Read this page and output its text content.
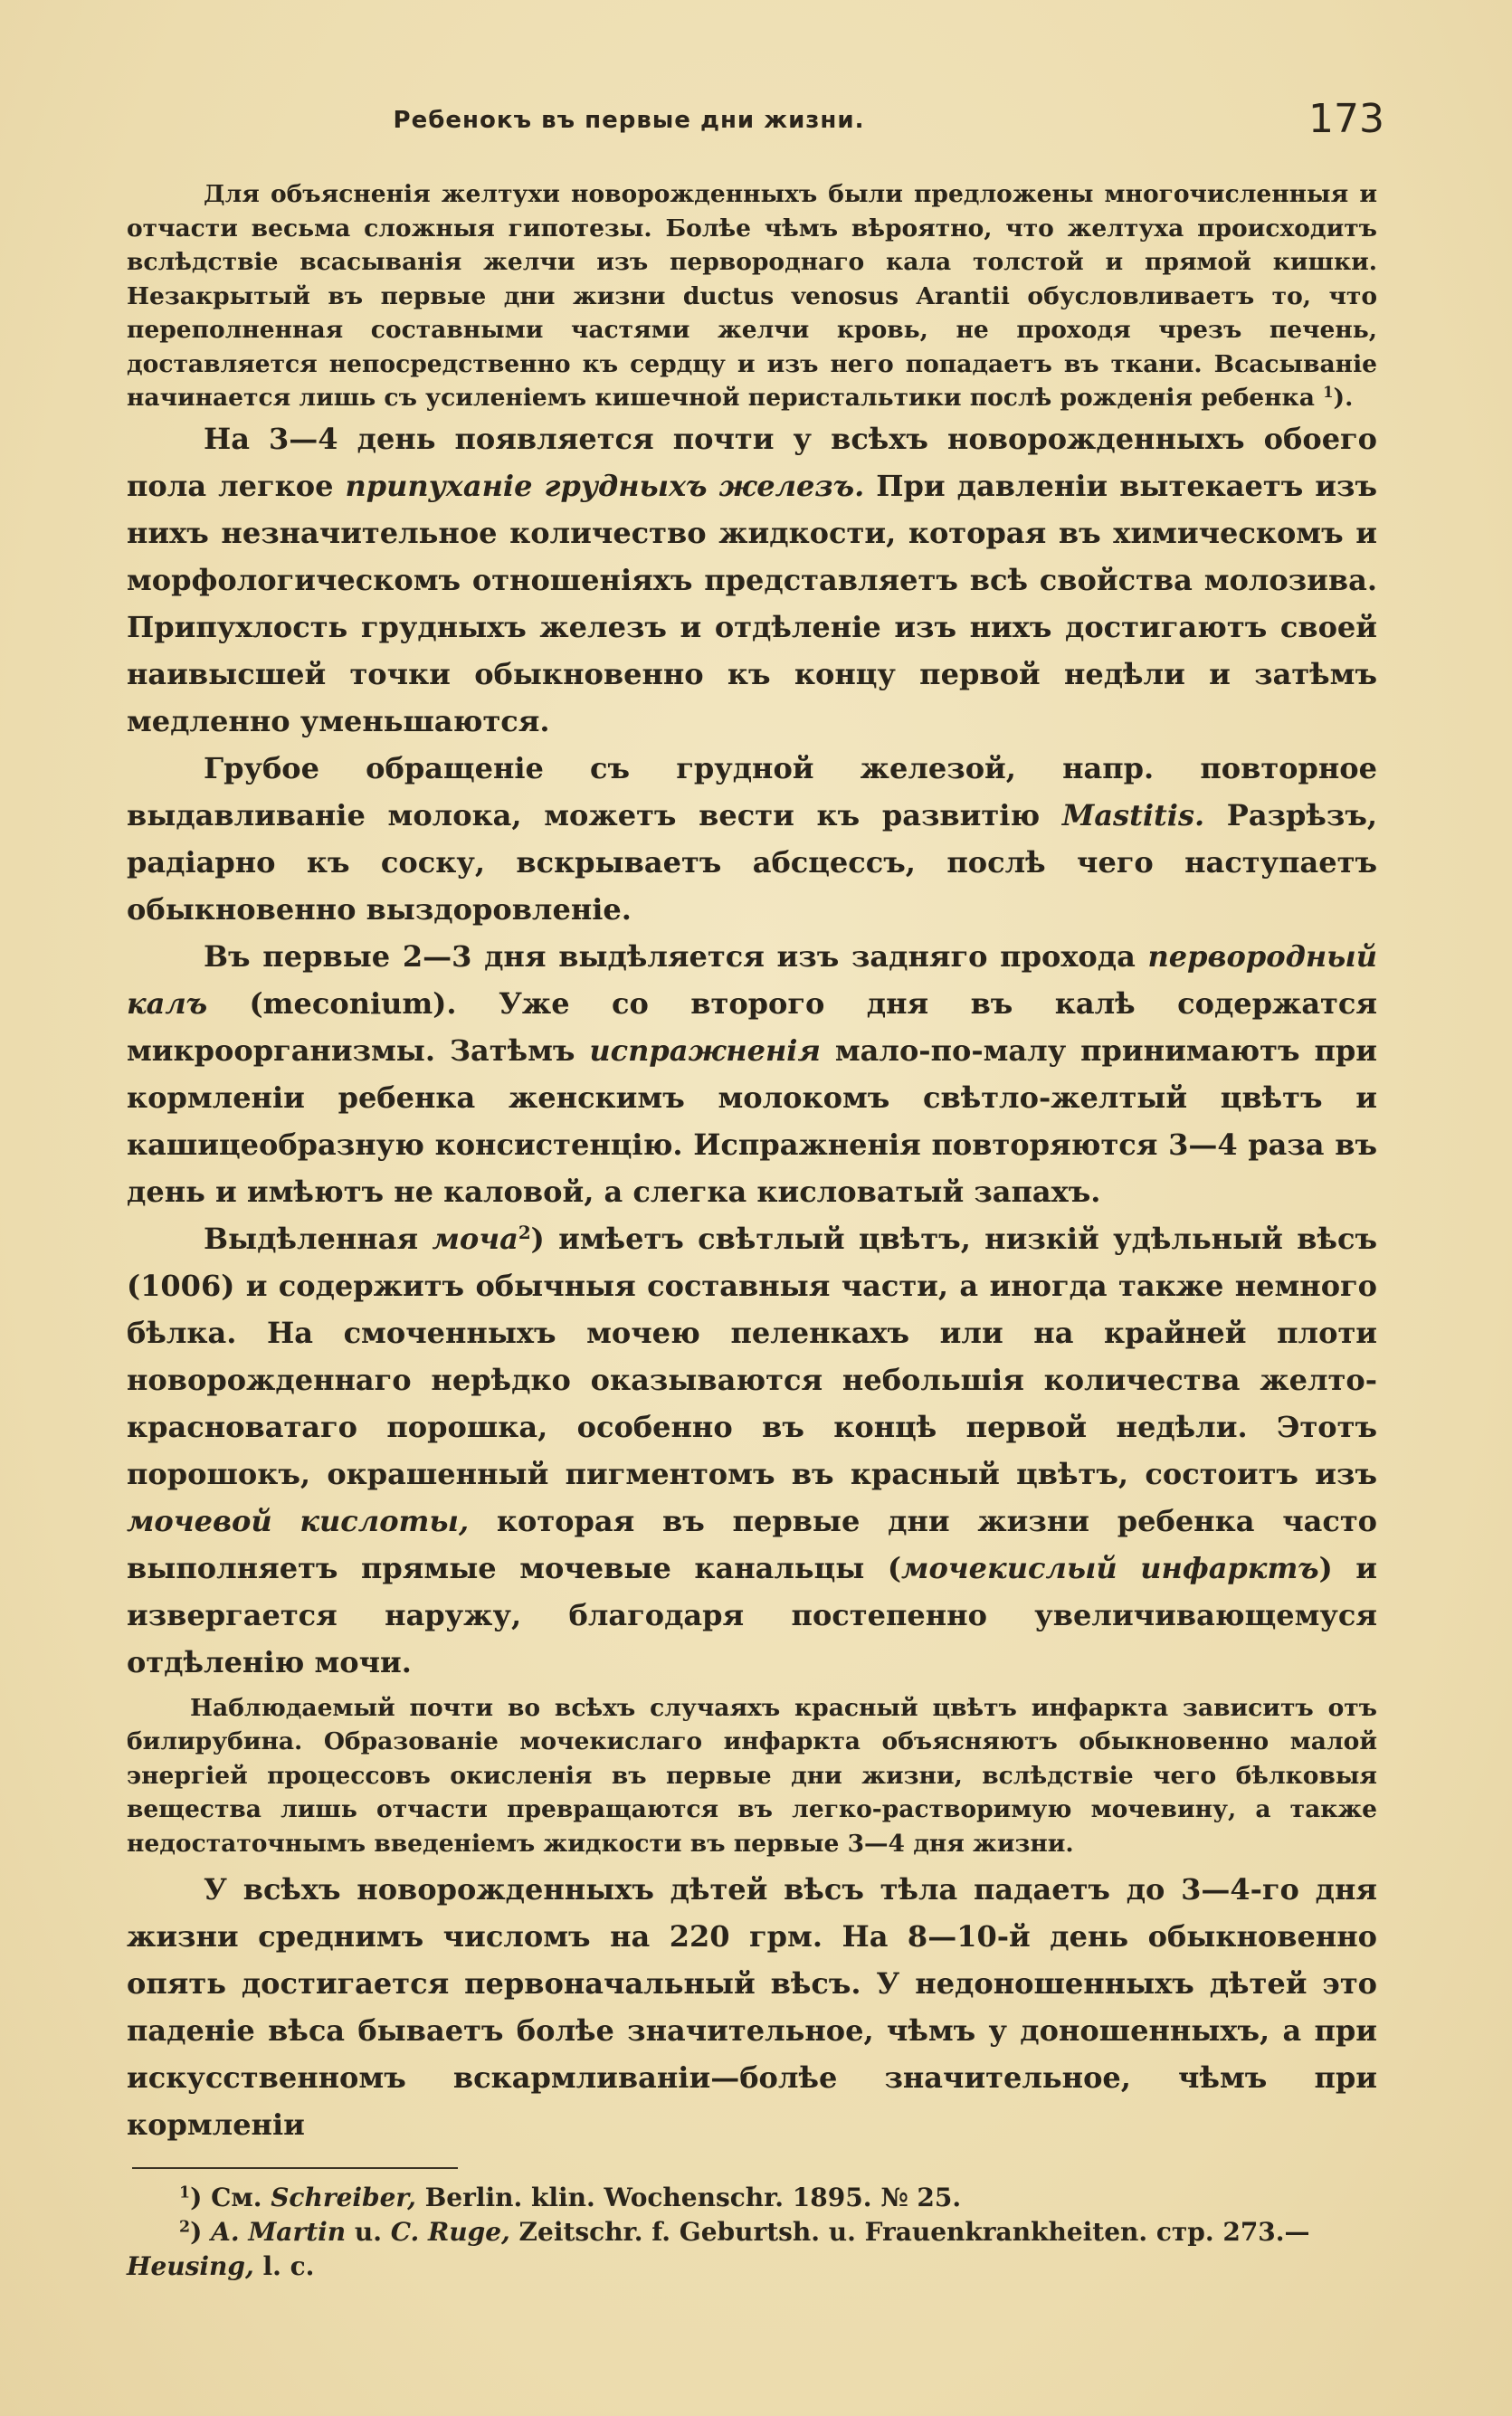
Ребенокъ въ первые дни жизни.	173

Для объясненія желтухи новорожденныхъ были предложены многочисленныя и отчасти весьма сложныя гипотезы. Болѣе чѣмъ вѣроятно, что желтуха происходитъ вслѣдствіе всасыванія желчи изъ первороднаго кала толстой и прямой кишки. Незакрытый въ первые дни жизни ductus venosus Arantii обусловливаетъ то, что переполненная составными частями желчи кровь, не проходя чрезъ печень, доставляется непосредственно къ сердцу и изъ него попадаетъ въ ткани. Всасываніе начинается лишь съ усиленіемъ кишечной перистальтики послѣ рожденія ребенка $^1$).

На 3—4 день появляется почти у всѣхъ новорожденныхъ обоего пола легкое припуханіе грудныхъ железъ. При давленіи вытекаетъ изъ нихъ незначительное количество жидкости, которая въ химическомъ и морфологическомъ отношеніяхъ представляетъ всѣ свойства молозива. Припухлость грудныхъ железъ и отдѣленіе изъ нихъ достигаютъ своей наивысшей точки обыкновенно къ концу первой недѣли и затѣмъ медленно уменьшаются.

Грубое обращеніе съ грудной железой, напр. повторное выдавливаніе молока, можетъ вести къ развитію Mastitis. Разрѣзъ, радіарно къ соску, вскрываетъ абсцессъ, послѣ чего наступаетъ обыкновенно выздоровленіе.

Въ первые 2—3 дня выдѣляется изъ задняго прохода первородный калъ (meconium). Уже со второго дня въ калѣ содержатся микроорганизмы. Затѣмъ испражненія мало-по-малу принимаютъ при кормленіи ребенка женскимъ молокомъ свѣтло-желтый цвѣтъ и кашицеобразную консистенцію. Испражненія повторяются 3—4 раза въ день и имѣютъ не каловой, а слегка кисловатый запахъ.

Выдѣленная моча$^2$) имѣетъ свѣтлый цвѣтъ, низкій удѣльный вѣсъ (1006) и содержитъ обычныя составныя части, а иногда также немного бѣлка. На смоченныхъ мочею пеленкахъ или на крайней плоти новорожденнаго нерѣдко оказываются небольшія количества желто-красноватаго порошка, особенно въ концѣ первой недѣли. Этотъ порошокъ, окрашенный пигментомъ въ красный цвѣтъ, состоитъ изъ мочевой кислоты, которая въ первые дни жизни ребенка часто выполняетъ прямые мочевые канальцы (мочекислый инфарктъ) и извергается наружу, благодаря постепенно увеличивающемуся отдѣленію мочи.

Наблюдаемый почти во всѣхъ случаяхъ красный цвѣтъ инфаркта зависитъ отъ билирубина. Образованіе мочекислаго инфаркта объясняютъ обыкновенно малой энергіей процессовъ окисленія въ первые дни жизни, вслѣдствіе чего бѣлковыя вещества лишь отчасти превращаются въ легко-растворимую мочевину, а также недостаточнымъ введеніемъ жидкости въ первые 3—4 дня жизни.

У всѣхъ новорожденныхъ дѣтей вѣсъ тѣла падаетъ до 3—4-го дня жизни среднимъ числомъ на 220 грм. На 8—10-й день обыкновенно опять достигается первоначальный вѣсъ. У недоношенныхъ дѣтей это паденіе вѣса бываетъ болѣе значительное, чѣмъ у доношенныхъ, а при искусственномъ вскармливаніи—болѣе значительное, чѣмъ при кормленіи

$^1$) См. Schreiber, Berlin. klin. Wochenschr. 1895. № 25.

$^2$) A. Martin u. C. Ruge, Zeitschr. f. Geburtsh. u. Frauenkrankheiten. стр. 273.— Heusing, l. c.
